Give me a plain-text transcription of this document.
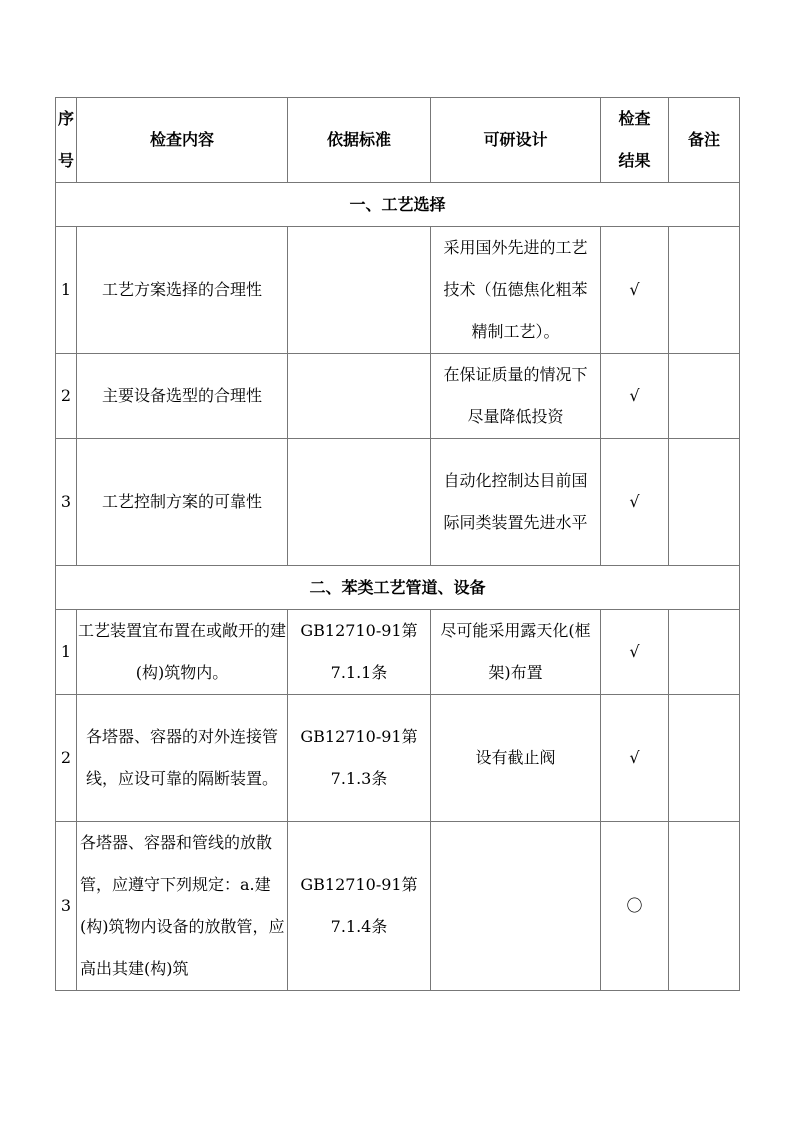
序号	检查内容	依据标准	可研设计	检查结果	备注
一、工艺选择					
1	工艺方案选择的合理性		采用国外先进的工艺技术（伍德焦化粗苯精制工艺）。	√	
2	主要设备选型的合理性		在保证质量的情况下尽量降低投资	√	
3	工艺控制方案的可靠性		自动化控制达目前国际同类装置先进水平	√	
二、苯类工艺管道、设备					
1	工艺装置宜布置在或敞开的建(构)筑物内。	GB12710-91第7.1.1条	尽可能采用露天化(框架)布置	√	
2	各塔器、容器的对外连接管线，应设可靠的隔断装置。	GB12710-91第7.1.3条	设有截止阀	√	
3	各塔器、容器和管线的放散管，应遵守下列规定：a.建(构)筑物内设备的放散管，应高出其建(构)筑	GB12710-91第7.1.4条		〇	
